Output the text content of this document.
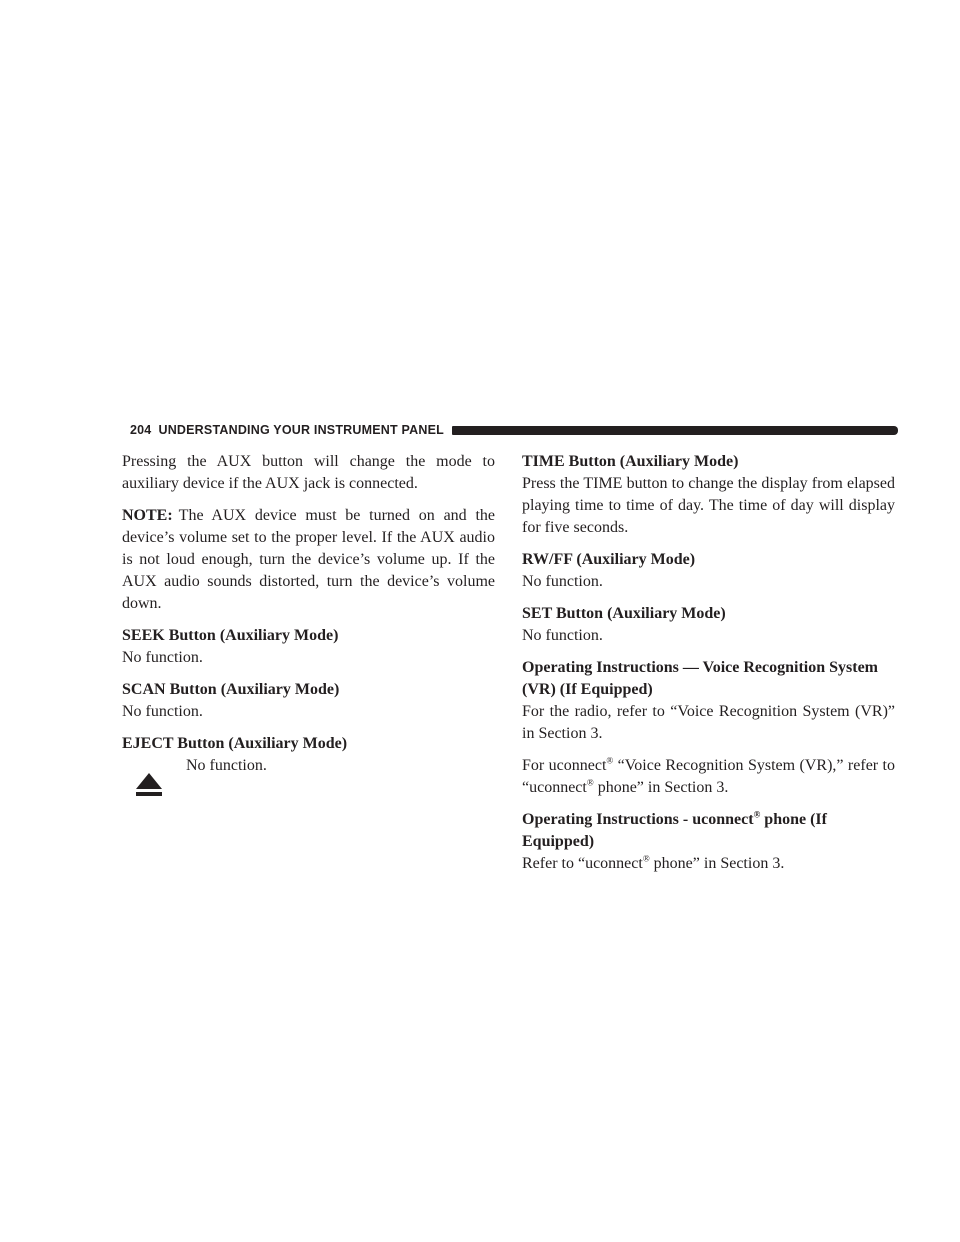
204 UNDERSTANDING YOUR INSTRUMENT PANEL

Pressing the AUX button will change the mode to auxiliary device if the AUX jack is connected.

NOTE: The AUX device must be turned on and the device’s volume set to the proper level. If the AUX audio is not loud enough, turn the device’s volume up. If the AUX audio sounds distorted, turn the device’s volume down.

SEEK Button (Auxiliary Mode)

No function.

SCAN Button (Auxiliary Mode)

No function.

EJECT Button (Auxiliary Mode)
No function.
TIME Button (Auxiliary Mode)

Press the TIME button to change the display from elapsed playing time to time of day. The time of day will display for five seconds.

RW/FF (Auxiliary Mode)

No function.

SET Button (Auxiliary Mode)

No function.

Operating Instructions — Voice Recognition System (VR) (If Equipped)

For the radio, refer to “Voice Recognition System (VR)” in Section 3.

For uconnect® “Voice Recognition System (VR),” refer to “uconnect® phone” in Section 3.

Operating Instructions - uconnect® phone (If Equipped)

Refer to “uconnect® phone” in Section 3.
